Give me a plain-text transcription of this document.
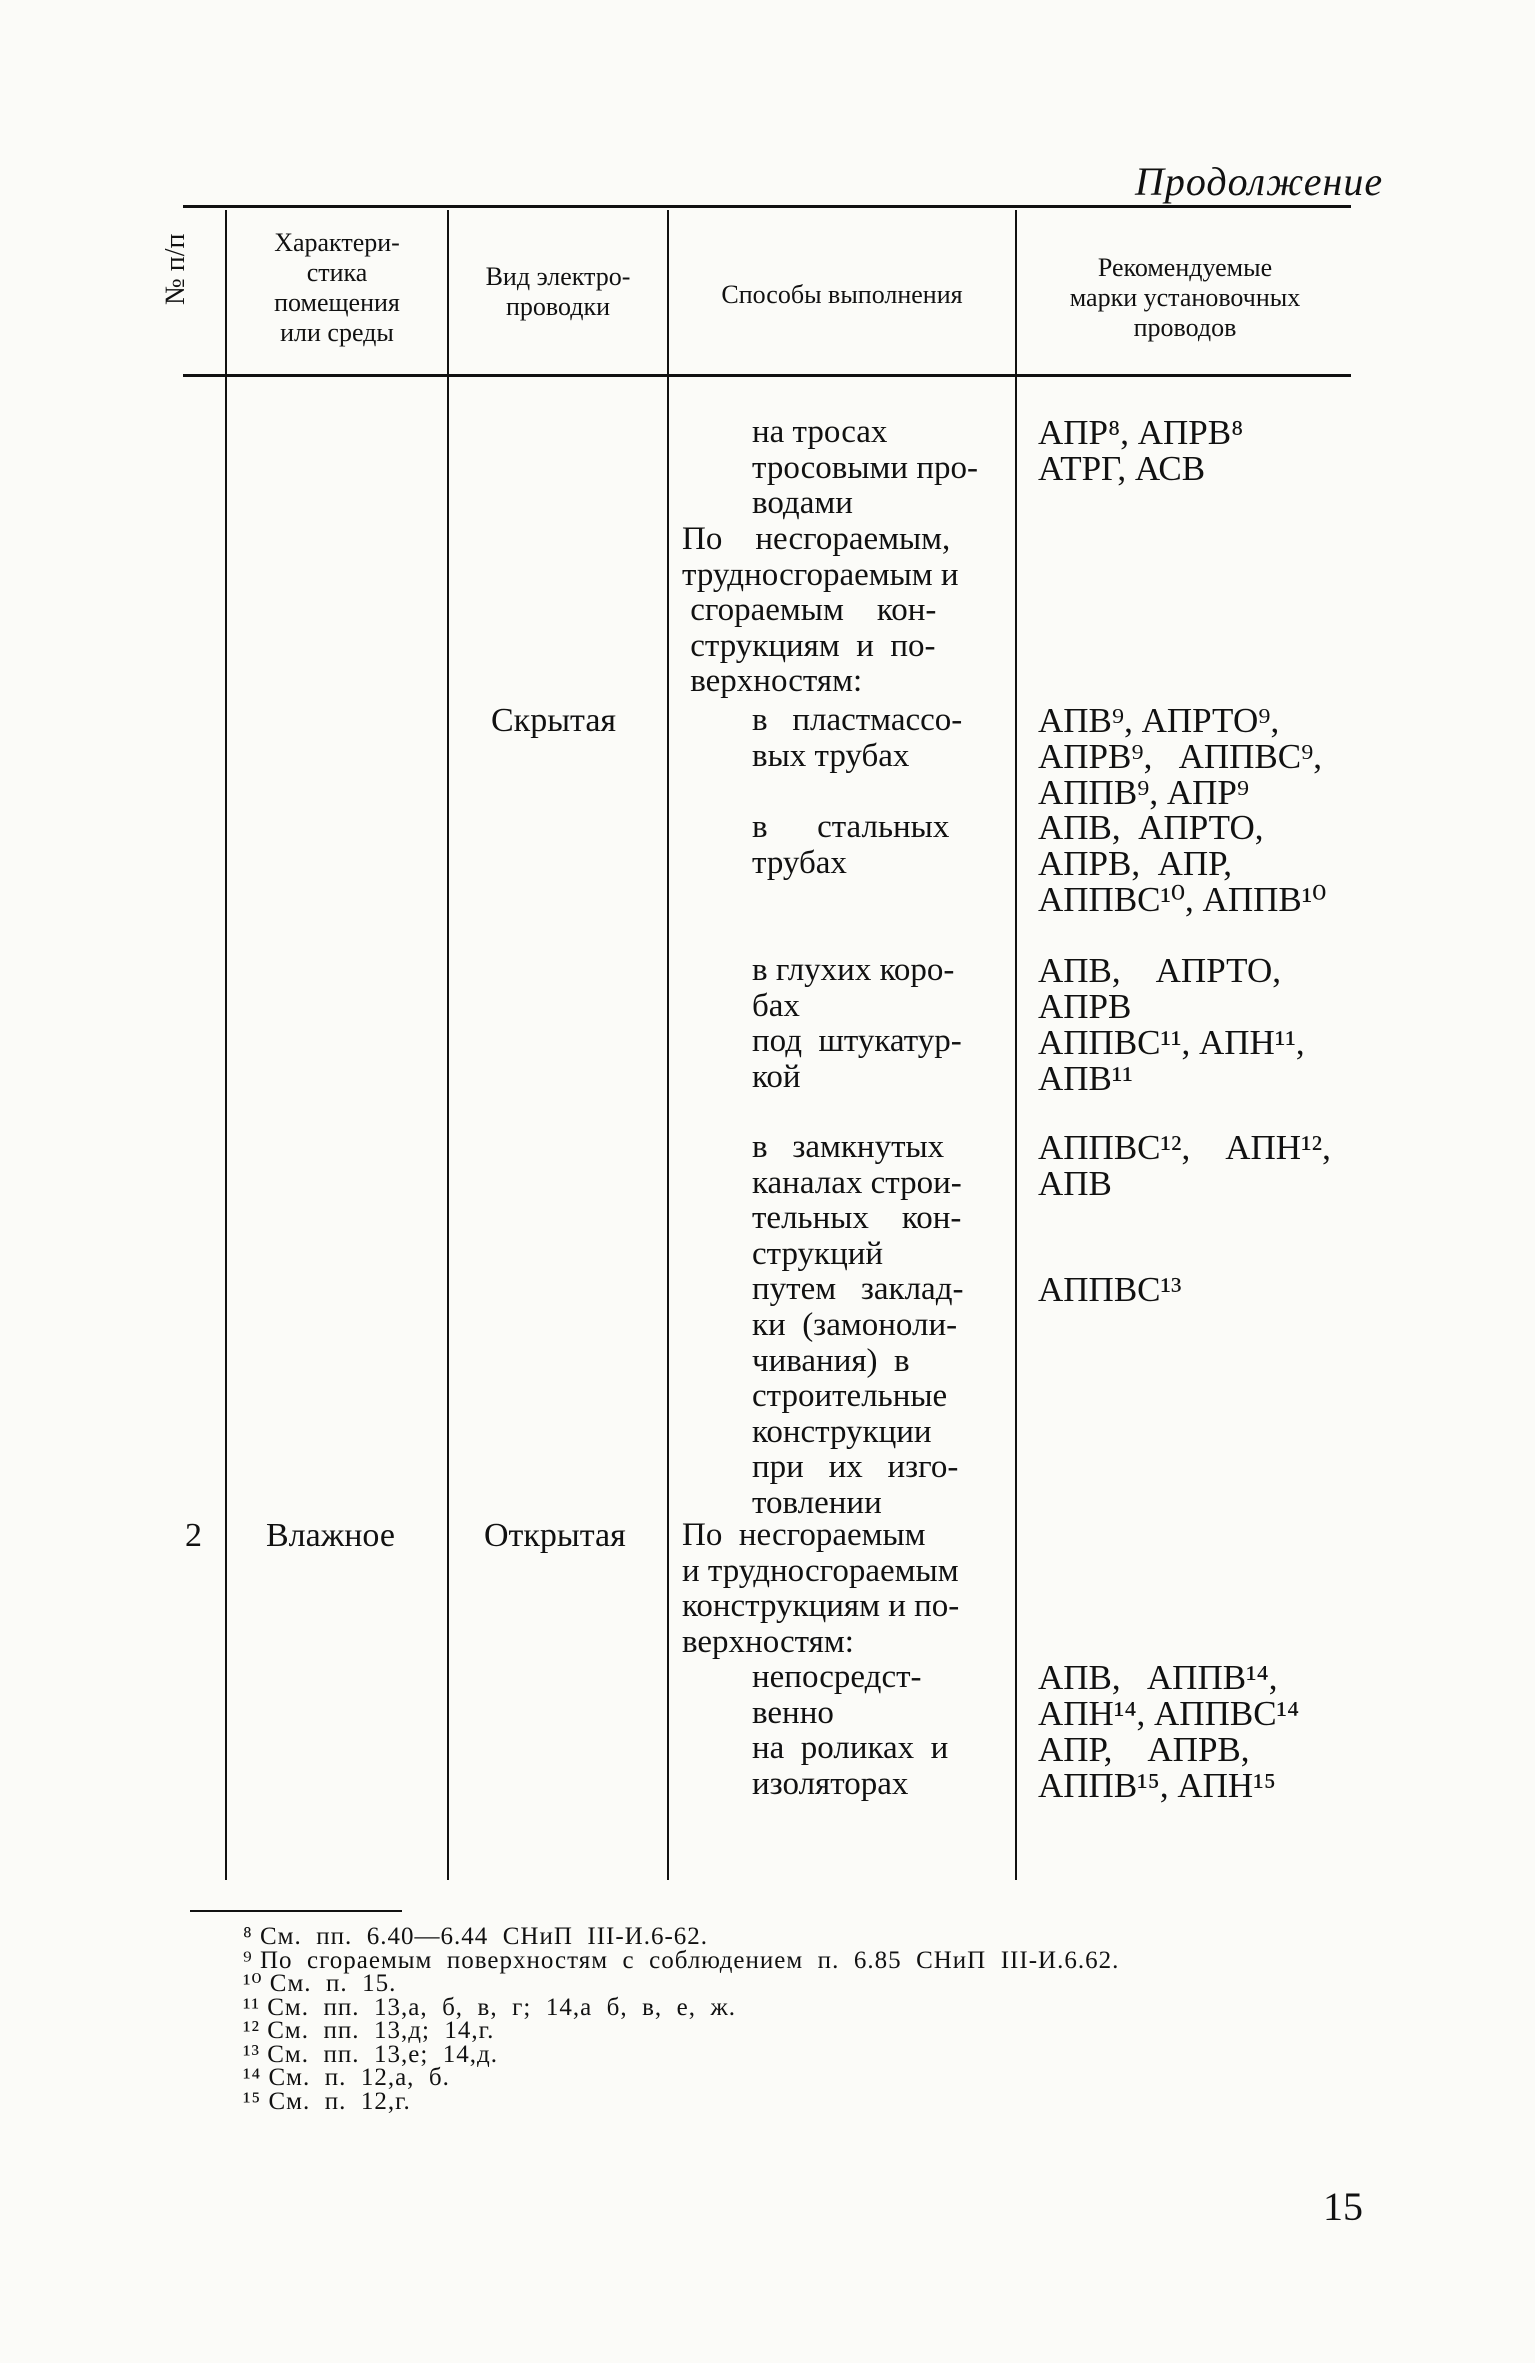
Продолжение
№ п/п	Характери-
стика
помещения
или среды
Вид электро-
проводки	Способы выполнения
Рекомендуемые
марки установочных
проводов
2 Влажное
Скрытая
Открытая
на тросах
тросовыми про-
водами
По    несгораемым,
трудносгораемым и
сгораемым    кон-
струкциям  и  по-
верхностям:
в   пластмассо-
вых трубах
в      стальных
трубах
в глухих коро-
бах
под  штукатур-
кой
в   замкнутых
каналах строи-
тельных    кон-
струкций
путем   заклад-
ки  (замоноли-
чивания)  в
строительные
конструкции
при   их   изго-
товлении
По  несгораемым
и трудносгораемым
конструкциям и по-
верхностям:
непосредст-
венно
на  роликах  и
изоляторах
АПР⁸, АПРВ⁸
АТРГ, АСВ
АПВ⁹, АПРТО⁹,
АПРВ⁹,   АППВС⁹,
АППВ⁹, АПР⁹
АПВ,  АПРТО,
АПРВ,  АПР,
АППВС¹⁰, АППВ¹⁰
АПВ,    АПРТО,
АПРВ
АППВС¹¹, АПН¹¹,
АПВ¹¹
АППВС¹²,    АПН¹²,
АПВ
АППВС¹³
АПВ,   АППВ¹⁴,
АПН¹⁴, АППВС¹⁴
АПР,    АПРВ,
АППВ¹⁵, АПН¹⁵
⁸ См.  пп.  6.40—6.44  СНиП  III-И.6-62.
⁹ По  сгораемым  поверхностям  с  соблюдением  п.  6.85  СНиП  III-И.6.62.
¹⁰ См.  п.  15.
¹¹ См.  пп.  13,а,  б,  в,  г;  14,а  б,  в,  е,  ж.
¹² См.  пп.  13,д;  14,г.
¹³ См.  пп.  13,е;  14,д.
¹⁴ См.  п.  12,а,  б.
¹⁵ См.  п.  12,г.
15
